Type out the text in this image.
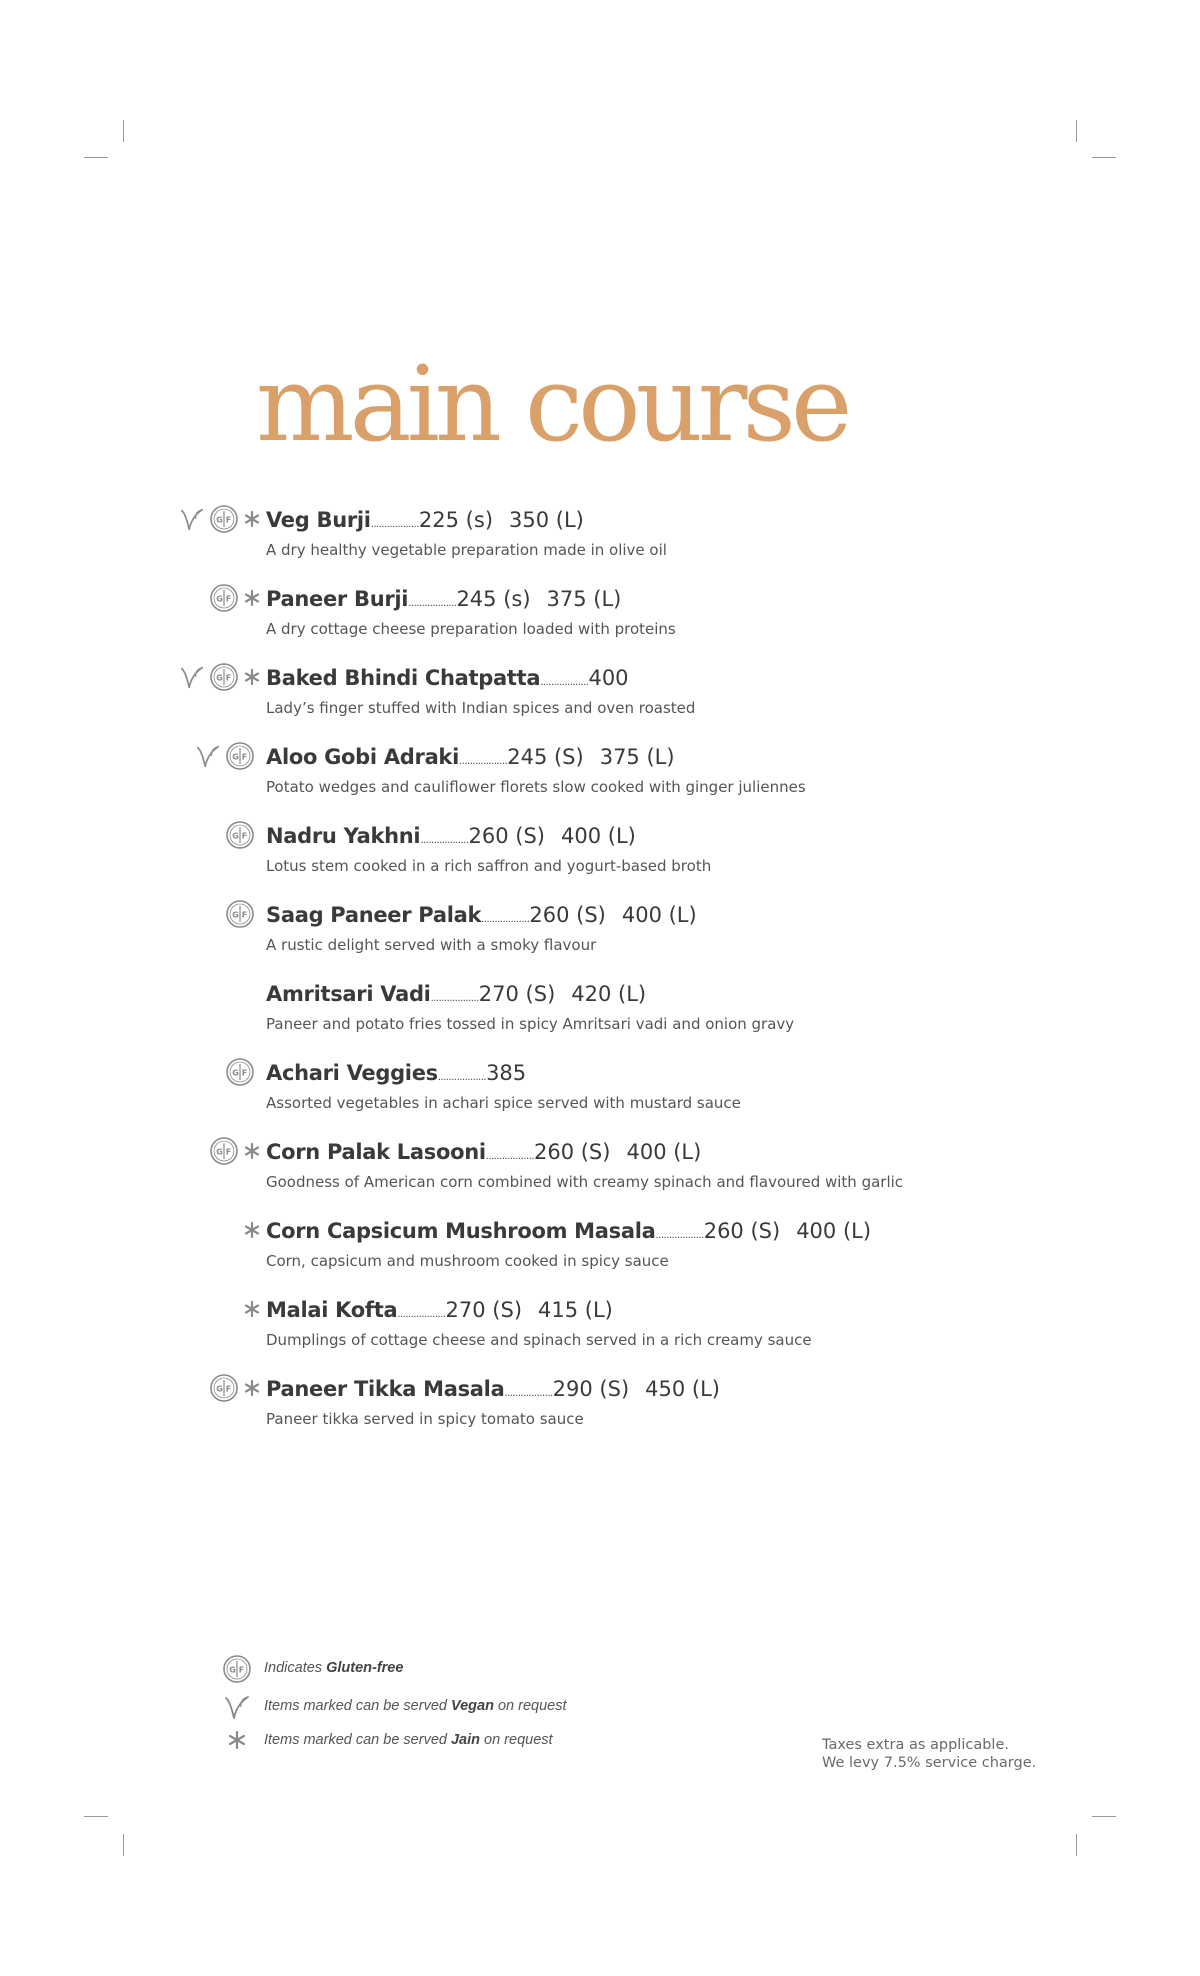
main course
G F Veg Burji..................225 (s) 350 (L)
A dry healthy vegetable preparation made in olive oil
G F Paneer Burji..................245 (s) 375 (L)
A dry cottage cheese preparation loaded with proteins
G F Baked Bhindi Chatpatta..................400
Lady’s finger stuffed with Indian spices and oven roasted
G F Aloo Gobi Adraki..................245 (S) 375 (L)
Potato wedges and cauliflower florets slow cooked with ginger juliennes
G F Nadru Yakhni..................260 (S) 400 (L)
Lotus stem cooked in a rich saffron and yogurt-based broth
G F Saag Paneer Palak..................260 (S) 400 (L)
A rustic delight served with a smoky flavour
Amritsari Vadi..................270 (S) 420 (L)
Paneer and potato fries tossed in spicy Amritsari vadi and onion gravy
G F Achari Veggies..................385
Assorted vegetables in achari spice served with mustard sauce
G F Corn Palak Lasooni..................260 (S) 400 (L)
Goodness of American corn combined with creamy spinach and flavoured with garlic
Corn Capsicum Mushroom Masala..................260 (S) 400 (L)
Corn, capsicum and mushroom cooked in spicy sauce
Malai Kofta..................270 (S) 415 (L)
Dumplings of cottage cheese and spinach served in a rich creamy sauce
G F Paneer Tikka Masala..................290 (S) 450 (L)
Paneer tikka served in spicy tomato sauce
G F Indicates Gluten-free
Items marked can be served Vegan on request
Items marked can be served Jain on request	Taxes extra as applicable.
We levy 7.5% service charge.
